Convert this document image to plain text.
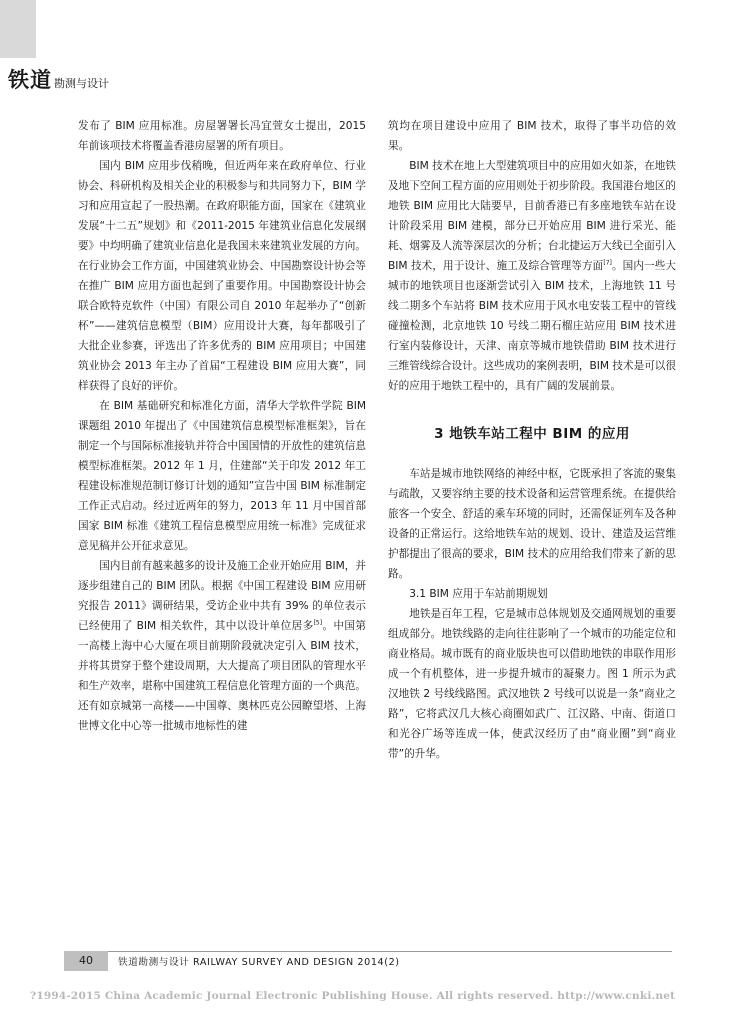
铁道 勘测与设计

发布了 BIM 应用标准。房屋署署长冯宜萱女士提出，2015 年前该项技术将覆盖香港房屋署的所有项目。

国内 BIM 应用步伐稍晚，但近两年来在政府单位、行业协会、科研机构及相关企业的积极参与和共同努力下，BIM 学习和应用宣起了一股热潮。在政府职能方面，国家在《建筑业发展“十二五”规划》和《2011-2015 年建筑业信息化发展纲要》中均明确了建筑业信息化是我国未来建筑业发展的方向。在行业协会工作方面，中国建筑业协会、中国勘察设计协会等在推广 BIM 应用方面也起到了重要作用。中国勘察设计协会联合欧特克软件（中国）有限公司自 2010 年起举办了“创新杯”——建筑信息模型（BIM）应用设计大赛，每年都吸引了大批企业参赛，评选出了许多优秀的 BIM 应用项目；中国建筑业协会 2013 年主办了首届“工程建设 BIM 应用大赛”，同样获得了良好的评价。

在 BIM 基础研究和标准化方面，清华大学软件学院 BIM 课题组 2010 年提出了《中国建筑信息模型标准框架》，旨在制定一个与国际标准接轨并符合中国国情的开放性的建筑信息模型标准框架。2012 年 1 月，住建部“关于印发 2012 年工程建设标准规范制订修订计划的通知”宣告中国 BIM 标准制定工作正式启动。经过近两年的努力，2013 年 11 月中国首部国家 BIM 标准《建筑工程信息模型应用统一标准》完成征求意见稿并公开征求意见。

国内目前有越来越多的设计及施工企业开始应用 BIM，并逐步组建自己的 BIM 团队。根据《中国工程建设 BIM 应用研究报告 2011》调研结果，受访企业中共有 39% 的单位表示已经使用了 BIM 相关软件，其中以设计单位居多[5]。中国第一高楼上海中心大厦在项目前期阶段就决定引入 BIM 技术，并将其贯穿于整个建设周期，大大提高了项目团队的管理水平和生产效率，堪称中国建筑工程信息化管理方面的一个典范。还有如京城第一高楼——中国尊、奥林匹克公园瞭望塔、上海世博文化中心等一批城市地标性的建

筑均在项目建设中应用了 BIM 技术，取得了事半功倍的效果。

BIM 技术在地上大型建筑项目中的应用如火如茶，在地铁及地下空间工程方面的应用则处于初步阶段。我国港台地区的地铁 BIM 应用比大陆要早，目前香港已有多座地铁车站在设计阶段采用 BIM 建模，部分已开始应用 BIM 进行采光、能耗、烟雾及人流等深层次的分析；台北捷运万大线已全面引入 BIM 技术，用于设计、施工及综合管理等方面[7]。国内一些大城市的地铁项目也逐渐尝试引入 BIM 技术，上海地铁 11 号线二期多个车站将 BIM 技术应用于风水电安装工程中的管线碰撞检测，北京地铁 10 号线二期石榴庄站应用 BIM 技术进行室内装修设计，天津、南京等城市地铁借助 BIM 技术进行三维管线综合设计。这些成功的案例表明，BIM 技术是可以很好的应用于地铁工程中的，具有广阔的发展前景。

3 地铁车站工程中 BIM 的应用

车站是城市地铁网络的神经中枢，它既承担了客流的聚集与疏散，又要容纳主要的技术设备和运营管理系统。在提供给旅客一个安全、舒适的乘车环境的同时，还需保证列车及各种设备的正常运行。这给地铁车站的规划、设计、建造及运营维护都提出了很高的要求，BIM 技术的应用给我们带来了新的思路。

3.1 BIM 应用于车站前期规划

地铁是百年工程，它是城市总体规划及交通网规划的重要组成部分。地铁线路的走向往往影响了一个城市的功能定位和商业格局。城市既有的商业版块也可以借助地铁的串联作用形成一个有机整体，进一步提升城市的凝聚力。图 1 所示为武汉地铁 2 号线线路图。武汉地铁 2 号线可以说是一条“商业之路”，它将武汉几大核心商圈如武广、江汉路、中南、街道口和光谷广场等连成一体，使武汉经历了由“商业圈”到“商业带”的升华。

40	铁道勘测与设计 RAILWAY SURVEY AND DESIGN 2014(2)
?1994-2015 China Academic Journal Electronic Publishing House. All rights reserved. http://www.cnki.net
